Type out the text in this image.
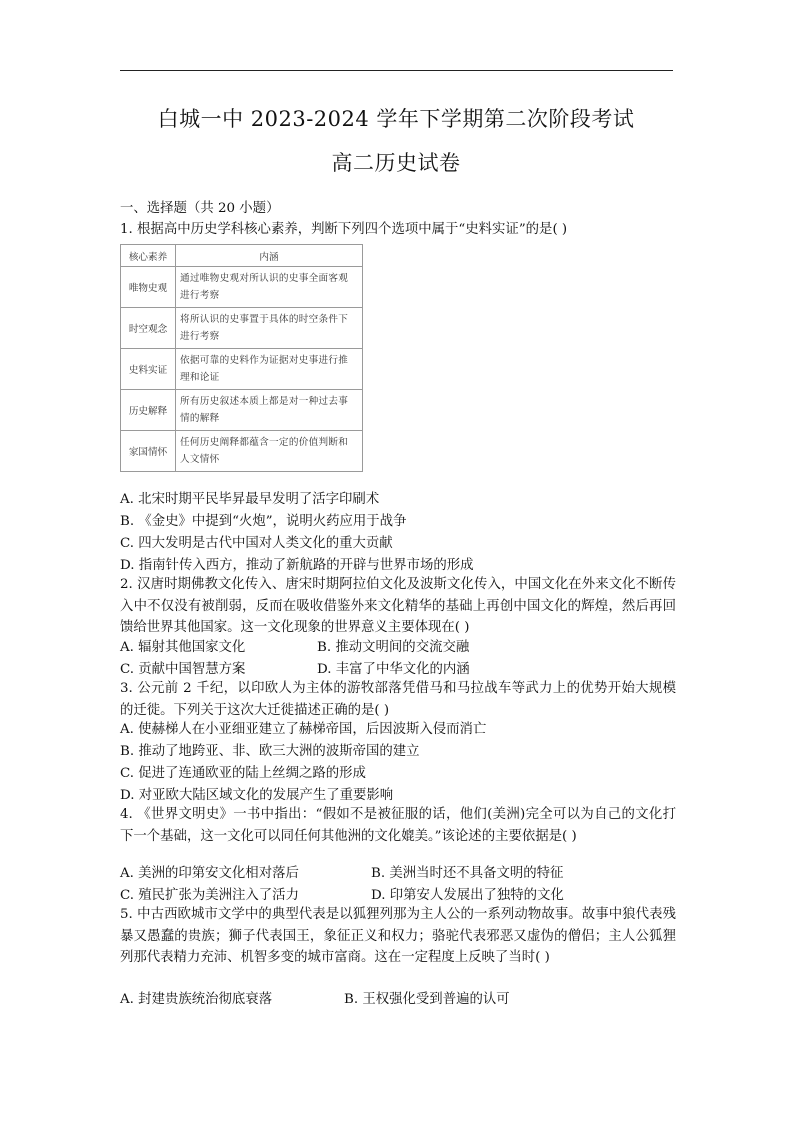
白城一中 2023-2024 学年下学期第二次阶段考试
高二历史试卷
一、选择题（共 20 小题）
1. 根据高中历史学科核心素养，判断下列四个选项中属于“史料实证”的是( )
核心素养	内涵
唯物史观	通过唯物史观对所认识的史事全面客观进行考察
时空观念	将所认识的史事置于具体的时空条件下进行考察
史料实证	依据可靠的史料作为证据对史事进行推理和论证
历史解释	所有历史叙述本质上都是对一种过去事情的解释
家国情怀	任何历史阐释都蕴含一定的价值判断和人文情怀
A. 北宋时期平民毕昇最早发明了活字印刷术
B. 《金史》中提到“火炮”，说明火药应用于战争
C. 四大发明是古代中国对人类文化的重大贡献
D. 指南针传入西方，推动了新航路的开辟与世界市场的形成
2. 汉唐时期佛教文化传入、唐宋时期阿拉伯文化及波斯文化传入，中国文化在外来文化不断传入中不仅没有被削弱，反而在吸收借鉴外来文化精华的基础上再创中国文化的辉煌，然后再回馈给世界其他国家。这一文化现象的世界意义主要体现在( )
A. 辐射其他国家文化	B. 推动文明间的交流交融
C. 贡献中国智慧方案	D. 丰富了中华文化的内涵
3. 公元前 2 千纪，以印欧人为主体的游牧部落凭借马和马拉战车等武力上的优势开始大规模的迁徙。下列关于这次大迁徙描述正确的是( )
A. 使赫梯人在小亚细亚建立了赫梯帝国，后因波斯入侵而消亡
B. 推动了地跨亚、非、欧三大洲的波斯帝国的建立
C. 促进了连通欧亚的陆上丝绸之路的形成
D. 对亚欧大陆区域文化的发展产生了重要影响
4. 《世界文明史》一书中指出：“假如不是被征服的话，他们(美洲)完全可以为自己的文化打下一个基础，这一文化可以同任何其他洲的文化媲美。”该论述的主要依据是( )
A. 美洲的印第安文化相对落后	B. 美洲当时还不具备文明的特征
C. 殖民扩张为美洲注入了活力	D. 印第安人发展出了独特的文化
5. 中古西欧城市文学中的典型代表是以狐狸列那为主人公的一系列动物故事。故事中狼代表残暴又愚蠢的贵族；狮子代表国王，象征正义和权力；骆驼代表邪恶又虚伪的僧侣；主人公狐狸列那代表精力充沛、机智多变的城市富商。这在一定程度上反映了当时( )
A. 封建贵族统治彻底衰落	B. 王权强化受到普遍的认可
